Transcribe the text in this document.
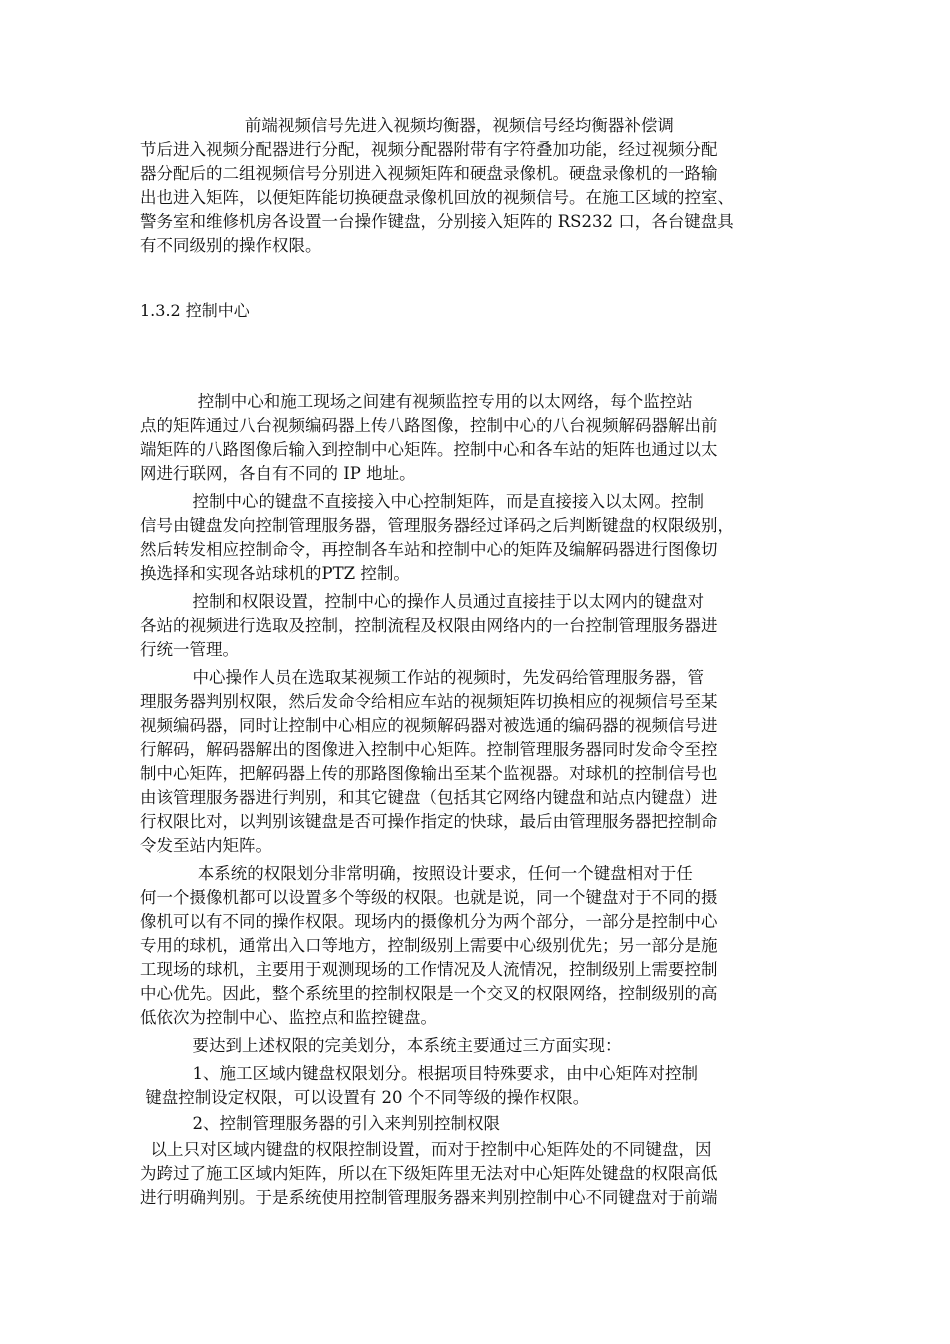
前端视频信号先进入视频均衡器，视频信号经均衡器补偿调
节后进入视频分配器进行分配，视频分配器附带有字符叠加功能，经过视频分配
器分配后的二组视频信号分别进入视频矩阵和硬盘录像机。硬盘录像机的一路输
出也进入矩阵，以便矩阵能切换硬盘录像机回放的视频信号。在施工区域的控室、
警务室和维修机房各设置一台操作键盘，分别接入矩阵的 RS232 口，各台键盘具
有不同级别的操作权限。
1.3.2 控制中心
控制中心和施工现场之间建有视频监控专用的以太网络，每个监控站
点的矩阵通过八台视频编码器上传八路图像，控制中心的八台视频解码器解出前
端矩阵的八路图像后输入到控制中心矩阵。控制中心和各车站的矩阵也通过以太
网进行联网，各自有不同的 IP 地址。
控制中心的键盘不直接接入中心控制矩阵，而是直接接入以太网。控制
信号由键盘发向控制管理服务器，管理服务器经过译码之后判断键盘的权限级别，
然后转发相应控制命令，再控制各车站和控制中心的矩阵及编解码器进行图像切
换选择和实现各站球机的PTZ 控制。
控制和权限设置，控制中心的操作人员通过直接挂于以太网内的键盘对
各站的视频进行选取及控制，控制流程及权限由网络内的一台控制管理服务器进
行统一管理。
中心操作人员在选取某视频工作站的视频时，先发码给管理服务器，管
理服务器判别权限，然后发命令给相应车站的视频矩阵切换相应的视频信号至某
视频编码器，同时让控制中心相应的视频解码器对被选通的编码器的视频信号进
行解码，解码器解出的图像进入控制中心矩阵。控制管理服务器同时发命令至控
制中心矩阵，把解码器上传的那路图像输出至某个监视器。对球机的控制信号也
由该管理服务器进行判别，和其它键盘（包括其它网络内键盘和站点内键盘）进
行权限比对，以判别该键盘是否可操作指定的快球，最后由管理服务器把控制命
令发至站内矩阵。
本系统的权限划分非常明确，按照设计要求，任何一个键盘相对于任
何一个摄像机都可以设置多个等级的权限。也就是说，同一个键盘对于不同的摄
像机可以有不同的操作权限。现场内的摄像机分为两个部分，一部分是控制中心
专用的球机，通常出入口等地方，控制级别上需要中心级别优先；另一部分是施
工现场的球机，主要用于观测现场的工作情况及人流情况，控制级别上需要控制
中心优先。因此，整个系统里的控制权限是一个交叉的权限网络，控制级别的高
低依次为控制中心、监控点和监控键盘。
要达到上述权限的完美划分，本系统主要通过三方面实现：
1、施工区域内键盘权限划分。根据项目特殊要求，由中心矩阵对控制
键盘控制设定权限，可以设置有 20 个不同等级的操作权限。
2、控制管理服务器的引入来判别控制权限
以上只对区域内键盘的权限控制设置，而对于控制中心矩阵处的不同键盘，因
为跨过了施工区域内矩阵，所以在下级矩阵里无法对中心矩阵处键盘的权限高低
进行明确判别。于是系统使用控制管理服务器来判别控制中心不同键盘对于前端
